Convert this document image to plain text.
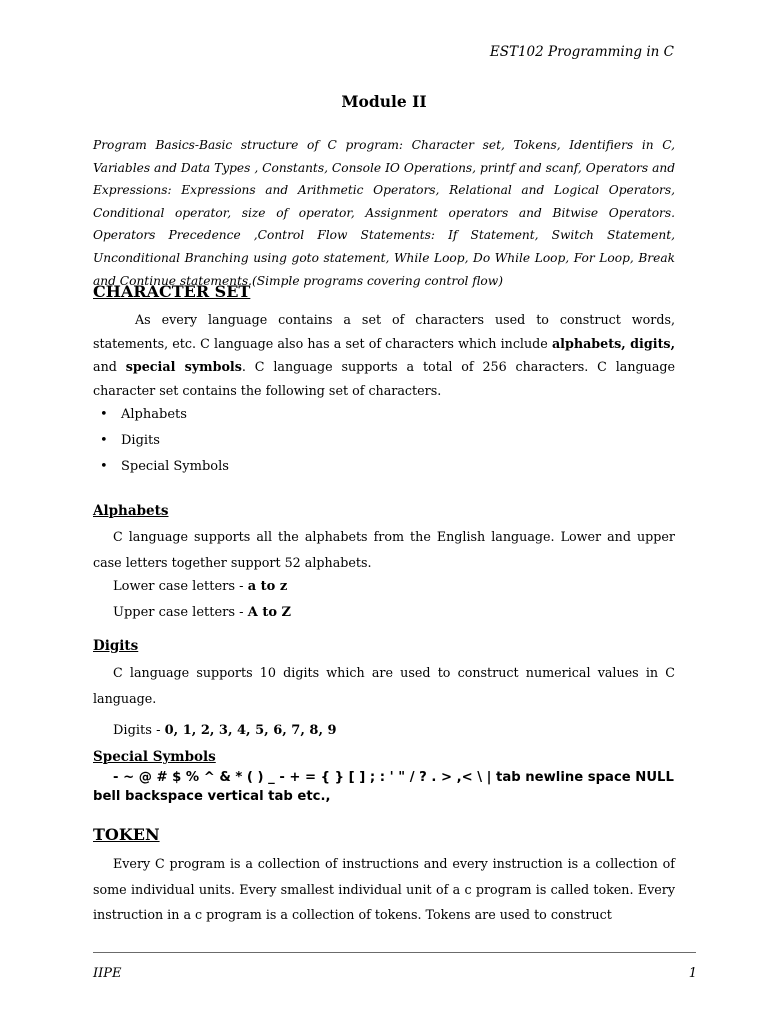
EST102 Programming in C
Module II

Program Basics-Basic structure of C program: Character set, Tokens, Identifiers in C, Variables and Data Types , Constants, Console IO Operations, printf and scanf, Operators and Expressions: Expressions and Arithmetic Operators, Relational and Logical Operators, Conditional operator, size of operator, Assignment operators and Bitwise Operators. Operators Precedence ,Control Flow Statements: If Statement, Switch Statement, Unconditional Branching using goto statement, While Loop, Do While Loop, For Loop, Break and Continue statements.(Simple programs covering control flow)

CHARACTER SET

As every language contains a set of characters used to construct words, statements, etc. C language also has a set of characters which include alphabets, digits, and special symbols. C language supports a total of 256 characters. C language character set contains the following set of characters.

• Alphabets
• Digits
• Special Symbols
Alphabets

C language supports all the alphabets from the English language. Lower and upper case letters together support 52 alphabets.

Lower case letters - a to z
Upper case letters - A to Z
Digits

C language supports 10 digits which are used to construct numerical values in C language.

Digits - 0, 1, 2, 3, 4, 5, 6, 7, 8, 9
Special Symbols

- ~ @ # $ % ^ & * ( ) _ - + = { } [ ] ; : ' " / ? . > ,< \ | tab newline space NULL bell backspace vertical tab etc.,

TOKEN

Every C program is a collection of instructions and every instruction is a collection of some individual units. Every smallest individual unit of a c program is called token. Every instruction in a c program is a collection of tokens. Tokens are used to construct

IIPE	1
